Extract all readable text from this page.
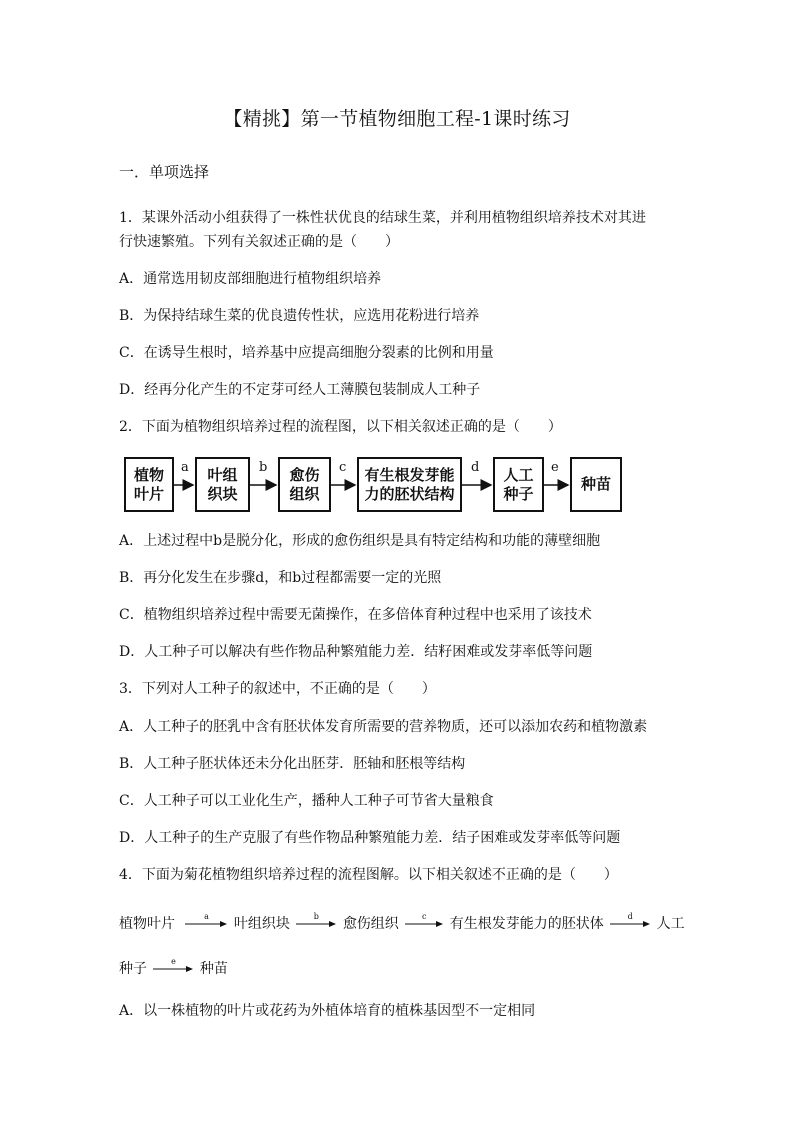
【精挑】第一节植物细胞工程-1课时练习
一．单项选择
1．某课外活动小组获得了一株性状优良的结球生菜，并利用植物组织培养技术对其进
行快速繁殖。下列有关叙述正确的是（　　）
A．通常选用韧皮部细胞进行植物组织培养
B．为保持结球生菜的优良遗传性状，应选用花粉进行培养
C．在诱导生根时，培养基中应提高细胞分裂素的比例和用量
D．经再分化产生的不定芽可经人工薄膜包装制成人工种子
2．下面为植物组织培养过程的流程图，以下相关叙述正确的是（　　）
植物
叶片
叶组
织块
愈伤
组织
有生根发芽能
力的胚状结构
人工
种子
种苗
a	b	c	d	e
A．上述过程中b是脱分化，形成的愈伤组织是具有特定结构和功能的薄壁细胞
B．再分化发生在步骤d，和b过程都需要一定的光照
C．植物组织培养过程中需要无菌操作，在多倍体育种过程中也采用了该技术
D．人工种子可以解决有些作物品种繁殖能力差．结籽困难或发芽率低等问题
3．下列对人工种子的叙述中，不正确的是（　　）
A．人工种子的胚乳中含有胚状体发育所需要的营养物质，还可以添加农药和植物激素
B．人工种子胚状体还未分化出胚芽．胚轴和胚根等结构
C．人工种子可以工业化生产，播种人工种子可节省大量粮食
D．人工种子的生产克服了有些作物品种繁殖能力差．结子困难或发芽率低等问题
4．下面为菊花植物组织培养过程的流程图解。以下相关叙述不正确的是（　　）
植物叶片	a	叶组织块	b	愈伤组织	c	有生根发芽能力的胚状体	d	人工
种子	e	种苗
A．以一株植物的叶片或花药为外植体培育的植株基因型不一定相同
